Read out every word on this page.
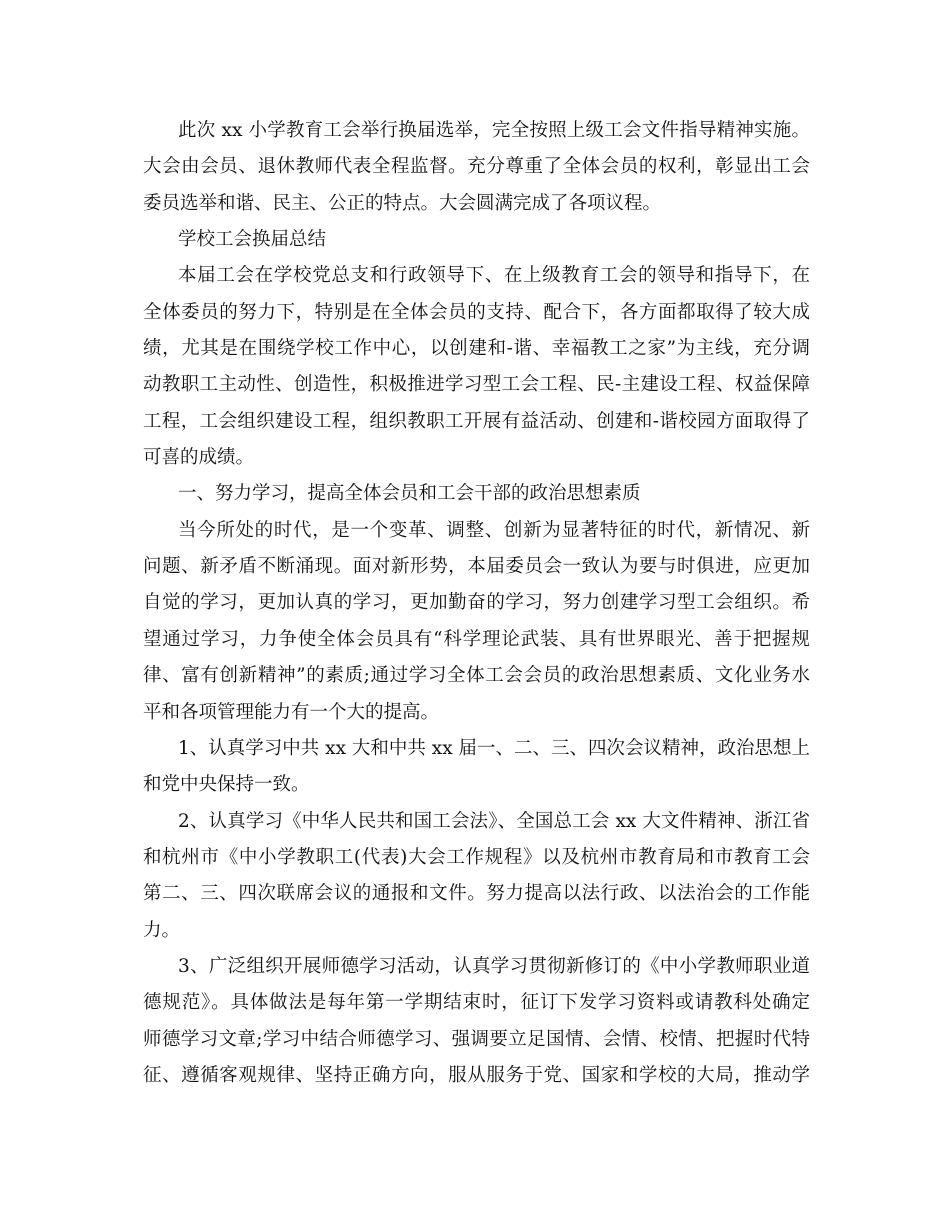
此次 xx 小学教育工会举行换届选举，完全按照上级工会文件指导精神实施。
大会由会员、退休教师代表全程监督。充分尊重了全体会员的权利，彰显出工会
委员选举和谐、民主、公正的特点。大会圆满完成了各项议程。
学校工会换届总结
本届工会在学校党总支和行政领导下、在上级教育工会的领导和指导下，在
全体委员的努力下，特别是在全体会员的支持、配合下，各方面都取得了较大成
绩，尤其是在围绕学校工作中心，以创建和-谐、幸福教工之家”为主线，充分调
动教职工主动性、创造性，积极推进学习型工会工程、民-主建设工程、权益保障
工程，工会组织建设工程，组织教职工开展有益活动、创建和-谐校园方面取得了
可喜的成绩。
一、努力学习，提高全体会员和工会干部的政治思想素质
当今所处的时代，是一个变革、调整、创新为显著特征的时代，新情况、新
问题、新矛盾不断涌现。面对新形势，本届委员会一致认为要与时俱进，应更加
自觉的学习，更加认真的学习，更加勤奋的学习，努力创建学习型工会组织。希
望通过学习，力争使全体会员具有“科学理论武装、具有世界眼光、善于把握规
律、富有创新精神”的素质;通过学习全体工会会员的政治思想素质、文化业务水
平和各项管理能力有一个大的提高。
1、认真学习中共 xx 大和中共 xx 届一、二、三、四次会议精神，政治思想上
和党中央保持一致。
2、认真学习《中华人民共和国工会法》、全国总工会 xx 大文件精神、浙江省
和杭州市《中小学教职工(代表)大会工作规程》以及杭州市教育局和市教育工会
第二、三、四次联席会议的通报和文件。努力提高以法行政、以法治会的工作能
力。
3、广泛组织开展师德学习活动，认真学习贯彻新修订的《中小学教师职业道
德规范》。具体做法是每年第一学期结束时，征订下发学习资料或请教科处确定
师德学习文章;学习中结合师德学习、强调要立足国情、会情、校情、把握时代特
征、遵循客观规律、坚持正确方向，服从服务于党、国家和学校的大局，推动学
